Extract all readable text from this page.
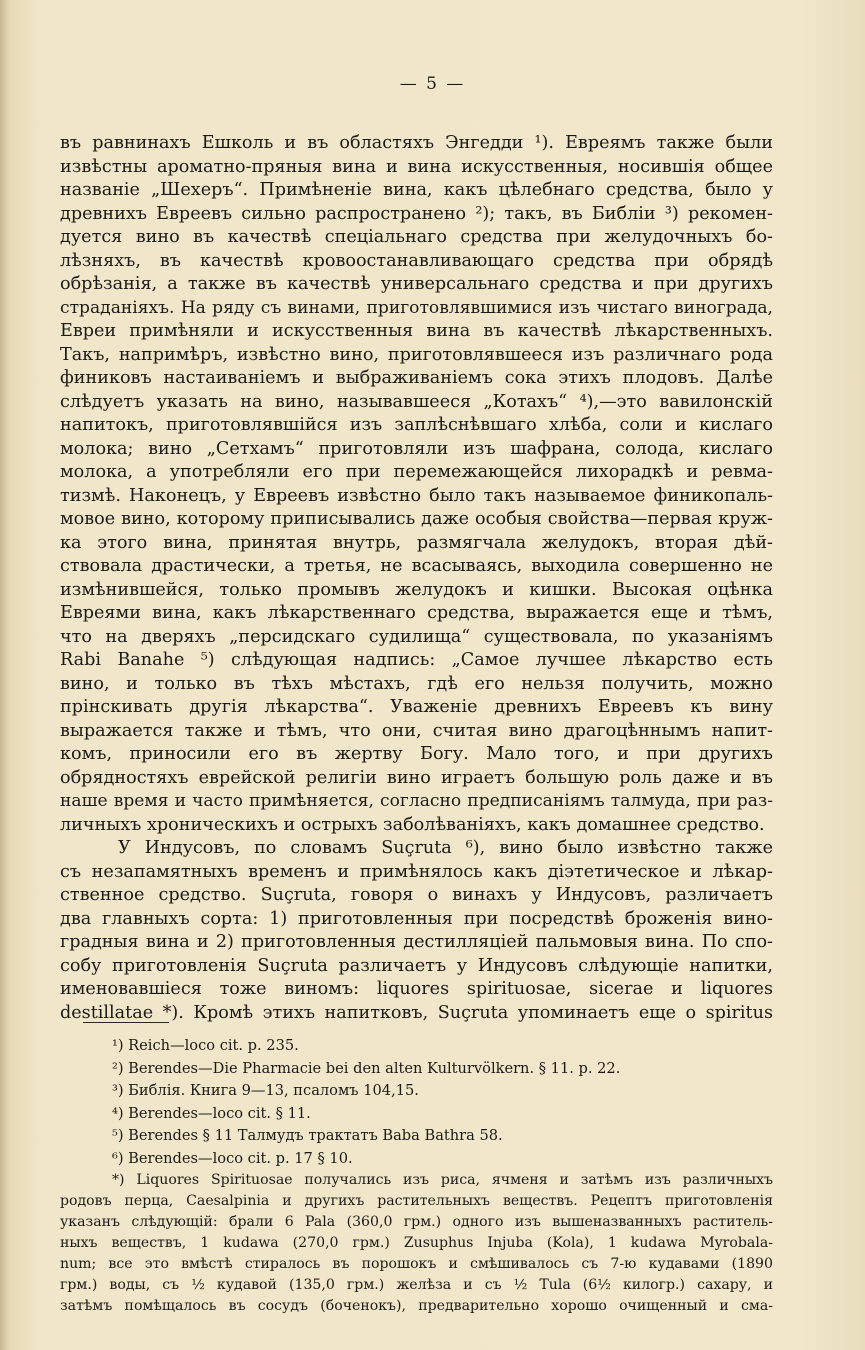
— 5 —
въ равнинахъ Ешколь и въ областяхъ Энгедди ¹). Евреямъ также были
извѣстны ароматно-пряныя вина и вина искусственныя, носившія общее
названіе „Шехеръ“. Примѣненіе вина, какъ цѣлебнаго средства, было у
древнихъ Евреевъ сильно распространено ²); такъ, въ Библіи ³) рекомен-
дуется вино въ качествѣ спеціальнаго средства при желудочныхъ бо-
лѣзняхъ, въ качествѣ кровоостанавливающаго средства при обрядѣ
обрѣзанія, а также въ качествѣ универсальнаго средства и при другихъ
страданіяхъ. На ряду съ винами, приготовлявшимися изъ чистаго винограда,
Евреи примѣняли и искусственныя вина въ качествѣ лѣкарственныхъ.
Такъ, напримѣръ, извѣстно вино, приготовлявшееся изъ различнаго рода
финиковъ настаиваніемъ и выбраживаніемъ сока этихъ плодовъ. Далѣе
слѣдуетъ указать на вино, называвшееся „Котахъ“ ⁴),—это вавилонскій
напитокъ, приготовлявшійся изъ заплѣснѣвшаго хлѣба, соли и кислаго
молока; вино „Сетхамъ“ приготовляли изъ шафрана, солода, кислаго
молока, а употребляли его при перемежающейся лихорадкѣ и ревма-
тизмѣ. Наконецъ, у Евреевъ извѣстно было такъ называемое финикопаль-
мовое вино, которому приписывались даже особыя свойства—первая круж-
ка этого вина, принятая внутрь, размягчала желудокъ, вторая дѣй-
ствовала драстически, а третья, не всасываясь, выходила совершенно не
измѣнившейся, только промывъ желудокъ и кишки. Высокая оцѣнка
Евреями вина, какъ лѣкарственнаго средства, выражается еще и тѣмъ,
что на дверяхъ „персидскаго судилища“ существовала, по указаніямъ
Rabi Banahe ⁵) слѣдующая надпись: „Самое лучшее лѣкарство есть
вино, и только въ тѣхъ мѣстахъ, гдѣ его нельзя получить, можно
прінскивать другія лѣкарства“. Уваженіе древнихъ Евреевъ къ вину
выражается также и тѣмъ, что они, считая вино драгоцѣннымъ напит-
комъ, приносили его въ жертву Богу. Мало того, и при другихъ
обрядностяхъ еврейской религіи вино играетъ большую роль даже и въ
наше время и часто примѣняется, согласно предписаніямъ талмуда, при раз-
личныхъ хроническихъ и острыхъ заболѣваніяхъ, какъ домашнее средство.
У Индусовъ, по словамъ Suçruta ⁶), вино было извѣстно также
съ незапамятныхъ временъ и примѣнялось какъ діэтетическое и лѣкар-
ственное средство. Suçruta, говоря о винахъ у Индусовъ, различаетъ
два главныхъ сорта: 1) приготовленныя при посредствѣ броженія вино-
градныя вина и 2) приготовленныя дестилляціей пальмовыя вина. По спо-
собу приготовленія Suçruta различаетъ у Индусовъ слѣдующіе напитки,
именовавшіеся тоже виномъ: liquores spirituosae, sicerae и liquores
destillatae *). Кромѣ этихъ напитковъ, Suçruta упоминаетъ еще о spiritus
¹) Reich—loco cit. p. 235.
²) Berendes—Die Pharmacie bei den alten Kulturvölkern. § 11. p. 22.
³) Библія. Книга 9—13, псаломъ 104,15.
⁴) Berendes—loco cit. § 11.
⁵) Berendes § 11 Талмудъ трактатъ Baba Bathra 58.
⁶) Berendes—loco cit. p. 17 § 10.
*) Liquores Spirituosae получались изъ риса, ячменя и затѣмъ изъ различныхъ
родовъ перца, Caesalpinia и другихъ растительныхъ веществъ. Рецептъ приготовленія
указанъ слѣдующій: брали 6 Pala (360,0 грм.) одного изъ вышеназванныхъ раститель-
ныхъ веществъ, 1 kudawa (270,0 грм.) Zusuphus Injuba (Kola), 1 kudawa Myrobala-
num; все это вмѣстѣ стиралось въ порошокъ и смѣшивалось съ 7-ю кудавами (1890
грм.) воды, съ ½ кудавой (135,0 грм.) желѣза и съ ½ Tula (6½ килогр.) сахару, и
затѣмъ помѣщалось въ сосудъ (боченокъ), предварительно хорошо очищенный и сма-
